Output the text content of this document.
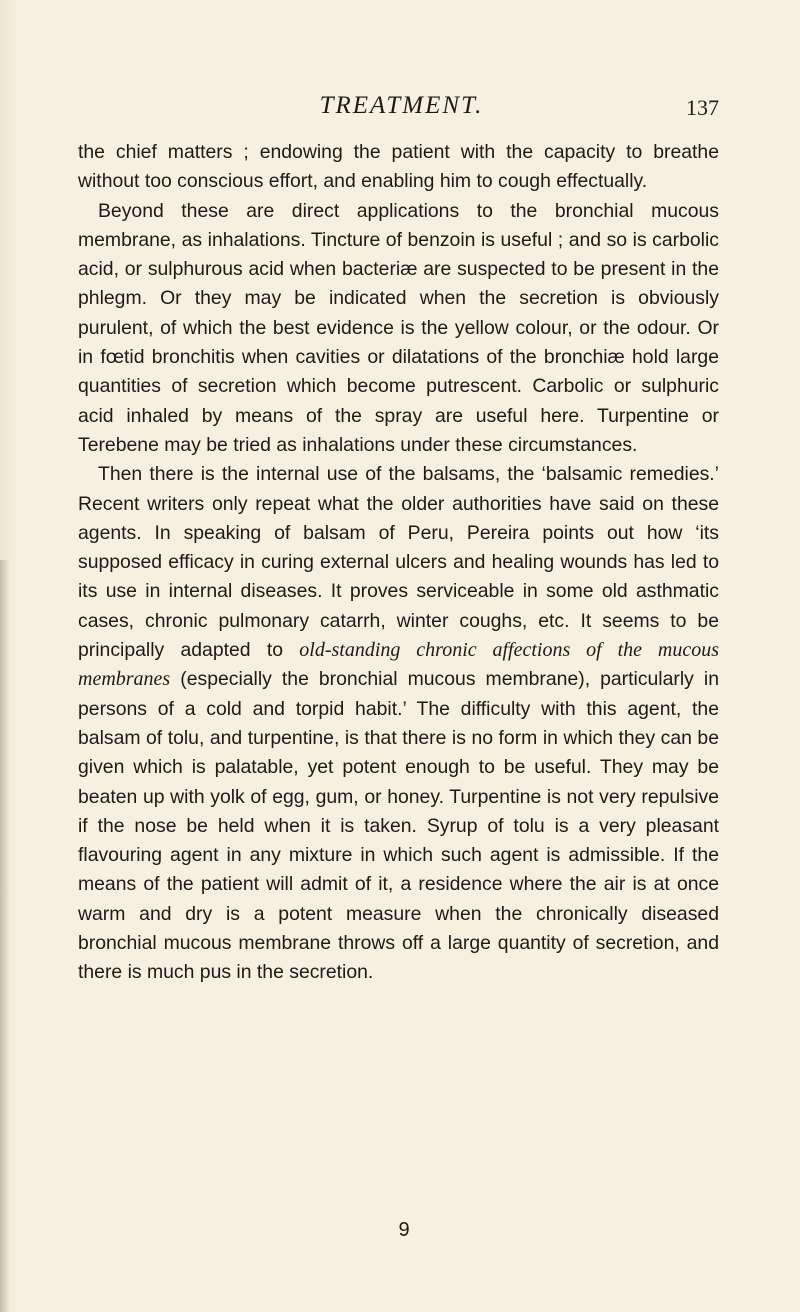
TREATMENT.	137

the chief matters ; endowing the patient with the capacity to breathe without too conscious effort, and enabling him to cough effectually.

Beyond these are direct applications to the bronchial mucous membrane, as inhalations. Tincture of benzoin is useful ; and so is carbolic acid, or sulphurous acid when bacteriæ are suspected to be present in the phlegm. Or they may be indicated when the secretion is obviously purulent, of which the best evidence is the yellow colour, or the odour. Or in fœtid bronchitis when cavities or dilatations of the bronchiæ hold large quantities of secretion which become putrescent. Carbolic or sulphuric acid inhaled by means of the spray are useful here. Turpentine or Terebene may be tried as inhalations under these circumstances.

Then there is the internal use of the balsams, the ‘balsamic remedies.’ Recent writers only repeat what the older authorities have said on these agents. In speaking of balsam of Peru, Pereira points out how ‘its supposed efficacy in curing external ulcers and healing wounds has led to its use in internal diseases. It proves serviceable in some old asthmatic cases, chronic pulmonary catarrh, winter coughs, etc. It seems to be principally adapted to old-standing chronic affections of the mucous membranes (especially the bronchial mucous membrane), particularly in persons of a cold and torpid habit.’ The difficulty with this agent, the balsam of tolu, and turpentine, is that there is no form in which they can be given which is palatable, yet potent enough to be useful. They may be beaten up with yolk of egg, gum, or honey. Turpentine is not very repulsive if the nose be held when it is taken. Syrup of tolu is a very pleasant flavouring agent in any mixture in which such agent is admissible. If the means of the patient will admit of it, a residence where the air is at once warm and dry is a potent measure when the chronically diseased bronchial mucous membrane throws off a large quantity of secretion, and there is much pus in the secretion.

9
